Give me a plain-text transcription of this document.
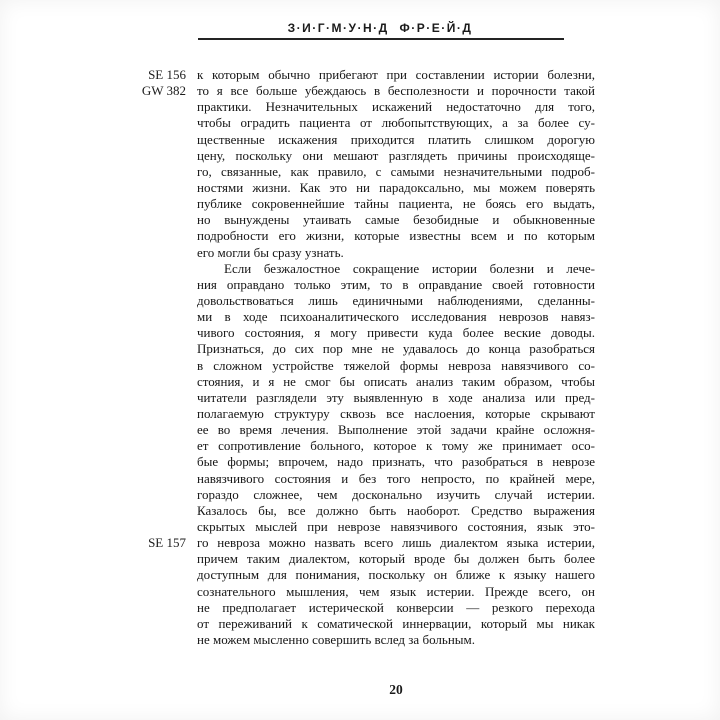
З·И·Г·М·У·Н·Д Ф·Р·Е·Й·Д
SE 156
GW 382
SE 157
к которым обычно прибегают при составлении истории болезни,
то я все больше убеждаюсь в бесполезности и порочности такой
практики. Незначительных искажений недостаточно для того,
чтобы оградить пациента от любопытствующих, а за более су-
щественные искажения приходится платить слишком дорогую
цену, поскольку они мешают разглядеть причины происходяще-
го, связанные, как правило, с самыми незначительными подроб-
ностями жизни. Как это ни парадоксально, мы можем поверять
публике сокровеннейшие тайны пациента, не боясь его выдать,
но вынуждены утаивать самые безобидные и обыкновенные
подробности его жизни, которые известны всем и по которым
его могли бы сразу узнать.
Если безжалостное сокращение истории болезни и лече-
ния оправдано только этим, то в оправдание своей готовности
довольствоваться лишь единичными наблюдениями, сделанны-
ми в ходе психоаналитического исследования неврозов навяз-
чивого состояния, я могу привести куда более веские доводы.
Признаться, до сих пор мне не удавалось до конца разобраться
в сложном устройстве тяжелой формы невроза навязчивого со-
стояния, и я не смог бы описать анализ таким образом, чтобы
читатели разглядели эту выявленную в ходе анализа или пред-
полагаемую структуру сквозь все наслоения, которые скрывают
ее во время лечения. Выполнение этой задачи крайне осложня-
ет сопротивление больного, которое к тому же принимает осо-
бые формы; впрочем, надо признать, что разобраться в неврозе
навязчивого состояния и без того непросто, по крайней мере,
гораздо сложнее, чем досконально изучить случай истерии.
Казалось бы, все должно быть наоборот. Средство выражения
скрытых мыслей при неврозе навязчивого состояния, язык это-
го невроза можно назвать всего лишь диалектом языка истерии,
причем таким диалектом, который вроде бы должен быть более
доступным для понимания, поскольку он ближе к языку нашего
сознательного мышления, чем язык истерии. Прежде всего, он
не предполагает истерической конверсии — резкого перехода
от переживаний к соматической иннервации, который мы никак
не можем мысленно совершить вслед за больным.
20
